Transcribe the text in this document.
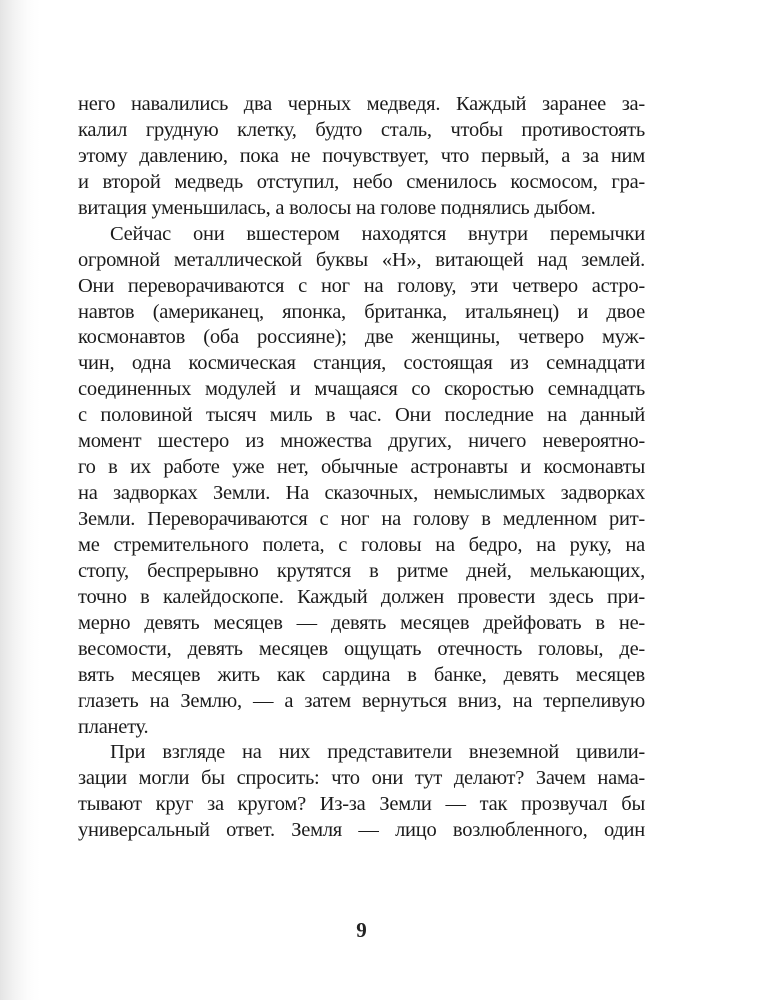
него навалились два черных медведя. Каждый заранее за-
калил грудную клетку, будто сталь, чтобы противостоять
этому давлению, пока не почувствует, что первый, а за ним
и второй медведь отступил, небо сменилось космосом, гра-
витация уменьшилась, а волосы на голове поднялись дыбом.
Сейчас они вшестером находятся внутри перемычки
огромной металлической буквы «Н», витающей над землей.
Они переворачиваются с ног на голову, эти четверо астро-
навтов (американец, японка, британка, итальянец) и двое
космонавтов (оба россияне); две женщины, четверо муж-
чин, одна космическая станция, состоящая из семнадцати
соединенных модулей и мчащаяся со скоростью семнадцать
с половиной тысяч миль в час. Они последние на данный
момент шестеро из множества других, ничего невероятно-
го в их работе уже нет, обычные астронавты и космонавты
на задворках Земли. На сказочных, немыслимых задворках
Земли. Переворачиваются с ног на голову в медленном рит-
ме стремительного полета, с головы на бедро, на руку, на
стопу, беспрерывно крутятся в ритме дней, мелькающих,
точно в калейдоскопе. Каждый должен провести здесь при-
мерно девять месяцев — девять месяцев дрейфовать в не-
весомости, девять месяцев ощущать отечность головы, де-
вять месяцев жить как сардина в банке, девять месяцев
глазеть на Землю, — а затем вернуться вниз, на терпеливую
планету.
При взгляде на них представители внеземной цивили-
зации могли бы спросить: что они тут делают? Зачем нама-
тывают круг за кругом? Из-за Земли — так прозвучал бы
универсальный ответ. Земля — лицо возлюбленного, один
9
